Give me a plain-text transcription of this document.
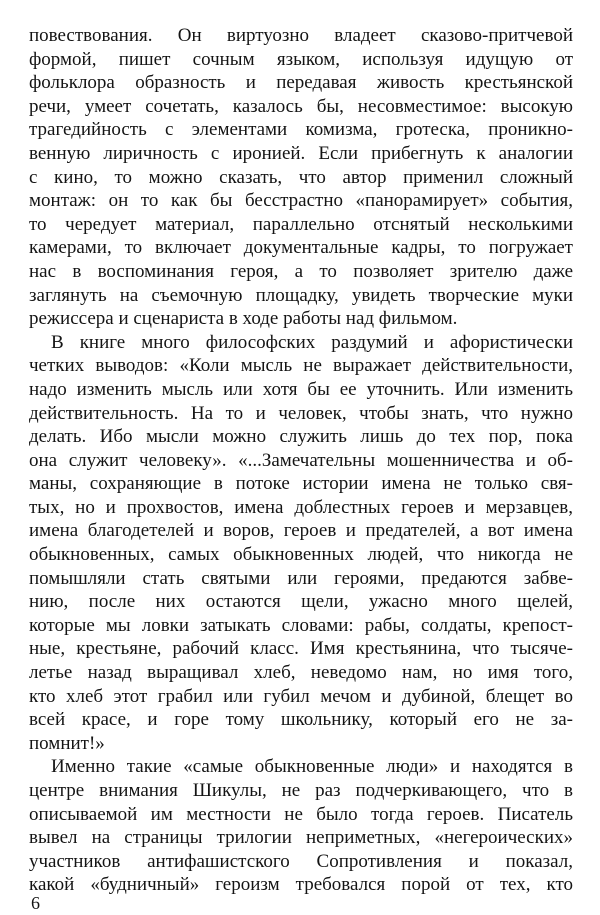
повествования. Он виртуозно владеет сказово-притчевой
формой, пишет сочным языком, используя идущую от
фольклора образность и передавая живость крестьянской
речи, умеет сочетать, казалось бы, несовместимое: высокую
трагедийность с элементами комизма, гротеска, проникно-
венную лиричность с иронией. Если прибегнуть к аналогии
с кино, то можно сказать, что автор применил сложный
монтаж: он то как бы бесстрастно «панорамирует» события,
то чередует материал, параллельно отснятый несколькими
камерами, то включает документальные кадры, то погружает
нас в воспоминания героя, а то позволяет зрителю даже
заглянуть на съемочную площадку, увидеть творческие муки
режиссера и сценариста в ходе работы над фильмом.
В книге много философских раздумий и афористически
четких выводов: «Коли мысль не выражает действительности,
надо изменить мысль или хотя бы ее уточнить. Или изменить
действительность. На то и человек, чтобы знать, что нужно
делать. Ибо мысли можно служить лишь до тех пор, пока
она служит человеку». «...Замечательны мошенничества и об-
маны, сохраняющие в потоке истории имена не только свя-
тых, но и прохвостов, имена доблестных героев и мерзавцев,
имена благодетелей и воров, героев и предателей, а вот имена
обыкновенных, самых обыкновенных людей, что никогда не
помышляли стать святыми или героями, предаются забве-
нию, после них остаются щели, ужасно много щелей,
которые мы ловки затыкать словами: рабы, солдаты, крепост-
ные, крестьяне, рабочий класс. Имя крестьянина, что тысяче-
летье назад выращивал хлеб, неведомо нам, но имя того,
кто хлеб этот грабил или губил мечом и дубиной, блещет во
всей красе, и горе тому школьнику, который его не за-
помнит!»
Именно такие «самые обыкновенные люди» и находятся в
центре внимания Шикулы, не раз подчеркивающего, что в
описываемой им местности не было тогда героев. Писатель
вывел на страницы трилогии неприметных, «негероических»
участников антифашистского Сопротивления и показал,
какой «будничный» героизм требовался порой от тех, кто
6
